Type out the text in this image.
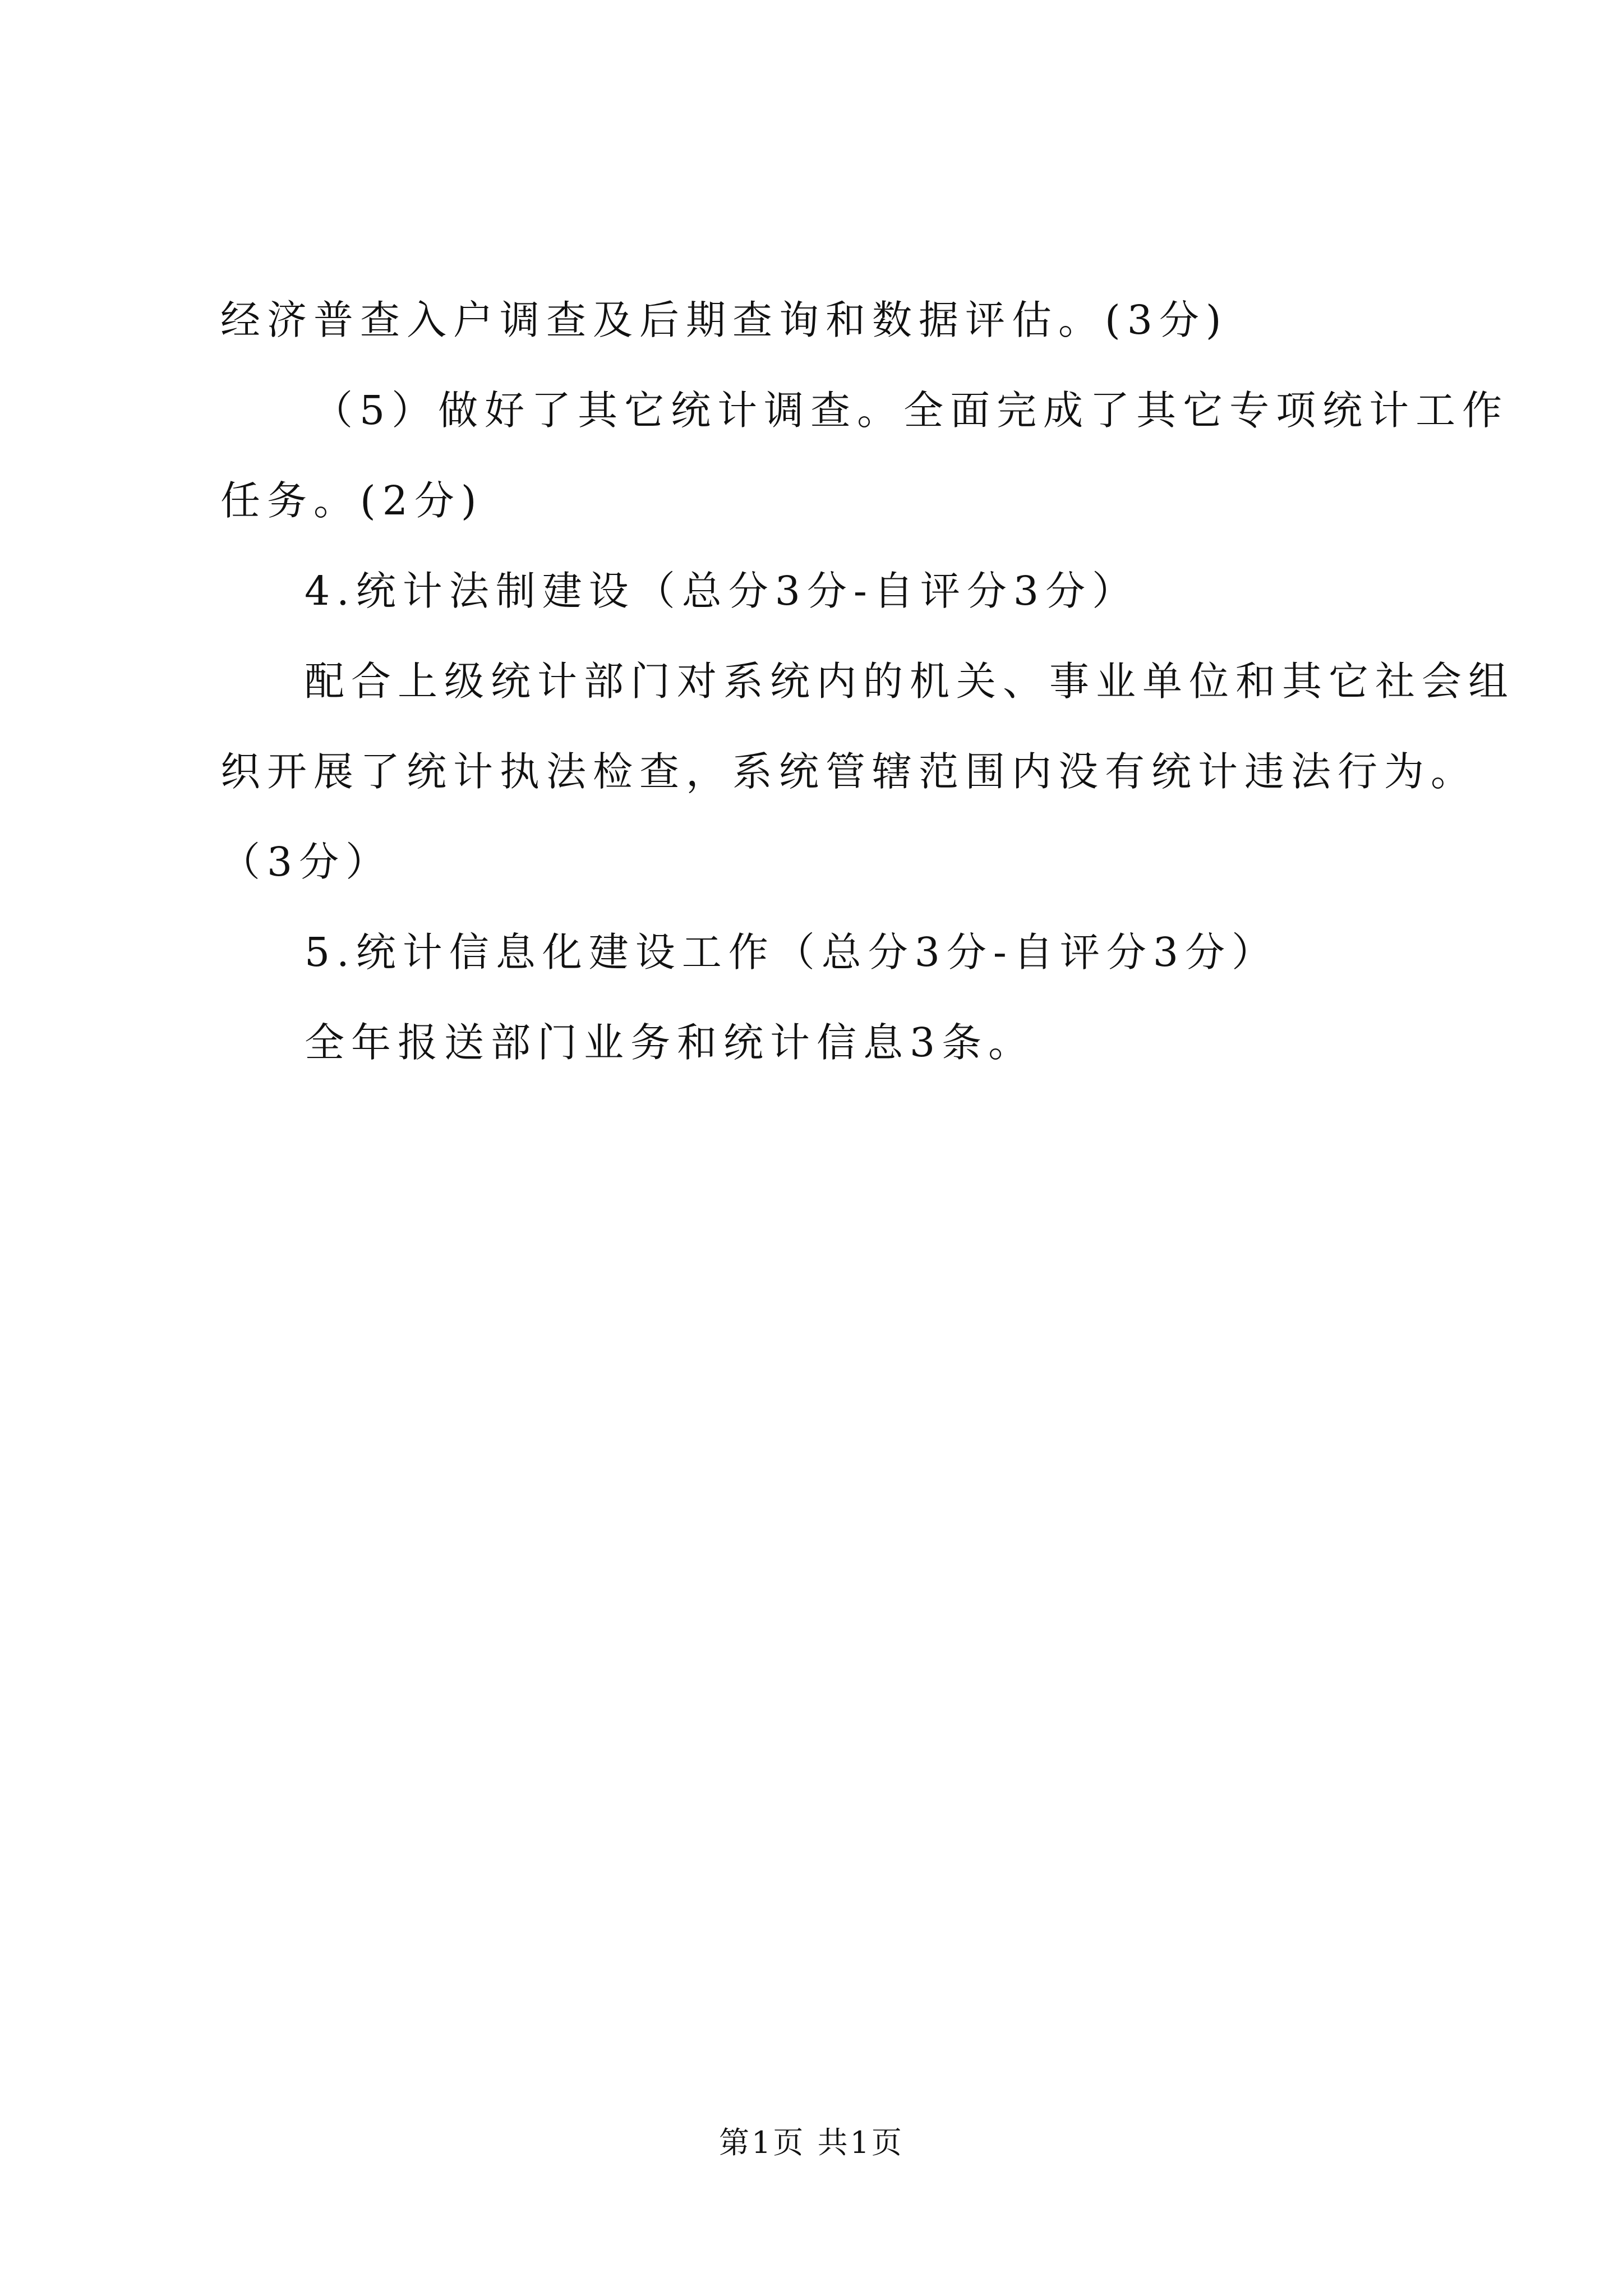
经济普查入户调查及后期查询和数据评估。(3分)
（5）做好了其它统计调查。全面完成了其它专项统计工作
任务。(2分)
4.统计法制建设（总分3分-自评分3分）
配合上级统计部门对系统内的机关、事业单位和其它社会组
织开展了统计执法检查，系统管辖范围内没有统计违法行为。
（3分）
5.统计信息化建设工作（总分3分-自评分3分）
全年报送部门业务和统计信息3条。
第1页 共1页
